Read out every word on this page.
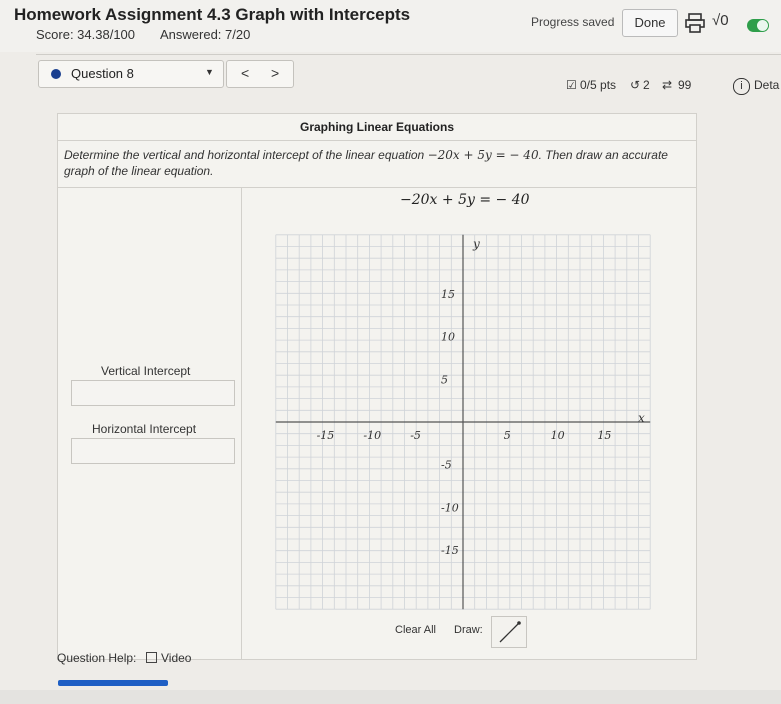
Homework Assignment 4.3 Graph with Intercepts
Score: 34.38/100 Answered: 7/20
Progress saved	Done	√0
Question 8	▼ < >
☑ 0/5 pts ↺ 2 ⇄ 99	Deta
i
Graphing Linear Equations
Determine the vertical and horizontal intercept of the linear equation −20x + 5y = − 40. Then draw an accurate graph of the linear equation.
Vertical Intercept
Horizontal Intercept
−20x + 5y = − 40
x
y
-15	-10	-5	5	10	15
15
10
5
-5
-10
-15
Clear All Draw:
Question Help:	Video
